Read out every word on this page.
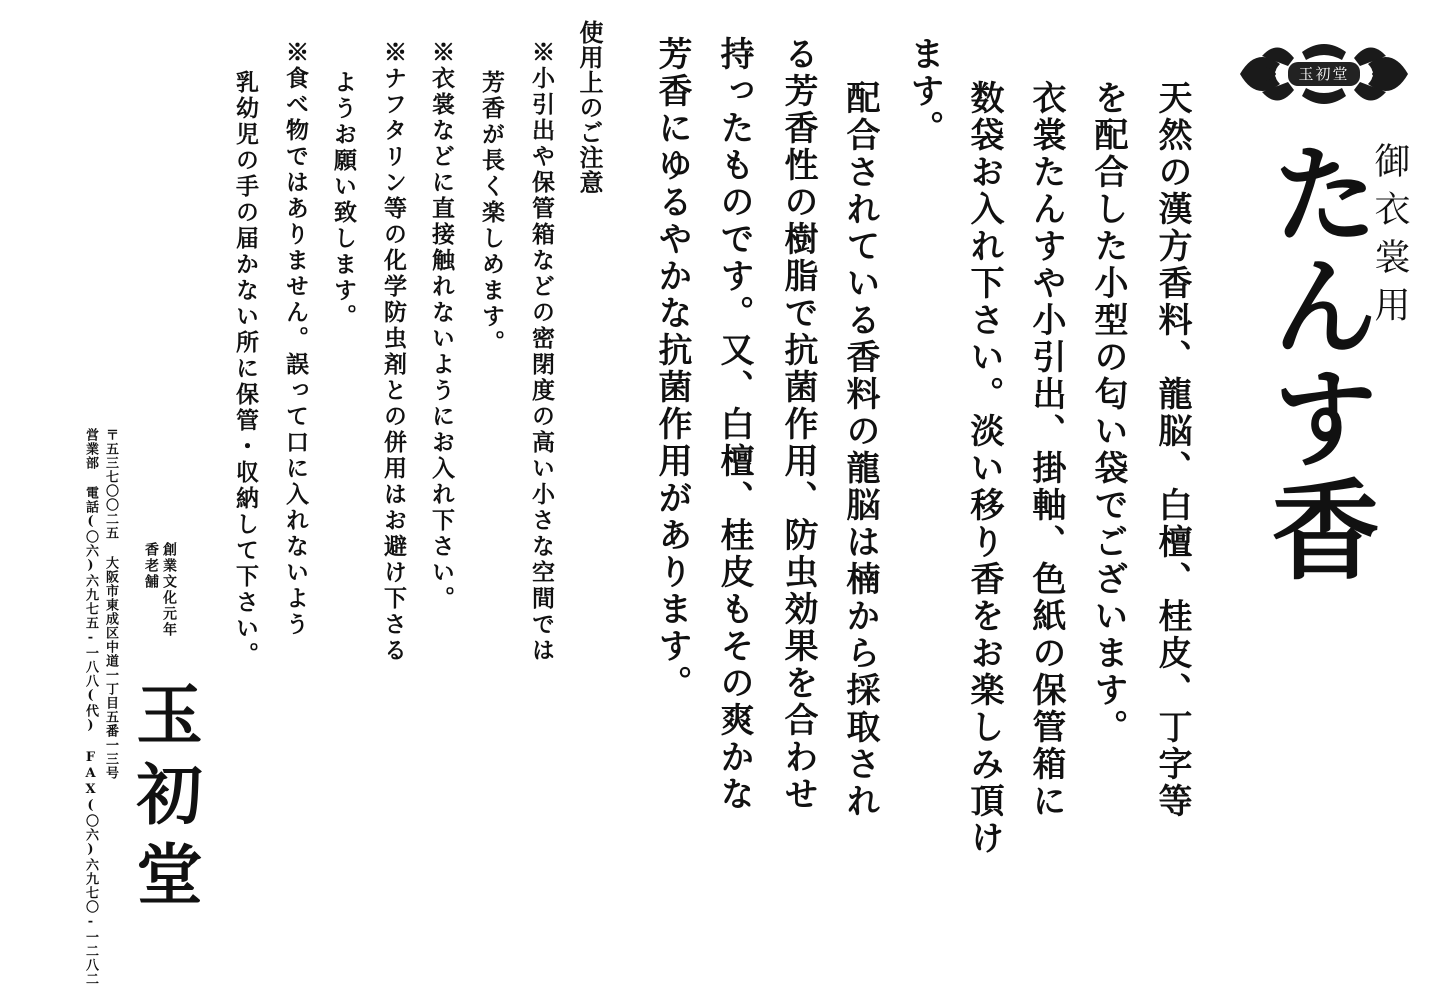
玉初堂

御衣裳用

たんす香

天然の漢方香料、龍脳、白檀、桂皮、丁字等

を配合した小型の匂い袋でございます。

衣裳たんすや小引出、掛軸、色紙の保管箱に

数袋お入れ下さい。淡い移り香をお楽しみ頂け

ます。

配合されている香料の龍脳は楠から採取され

る芳香性の樹脂で抗菌作用、防虫効果を合わせ

持ったものです。又、白檀、桂皮もその爽かな

芳香にゆるやかな抗菌作用があります。

使用上のご注意

※小引出や保管箱などの密閉度の高い小さな空間では

芳香が長く楽しめます。

※衣裳などに直接触れないようにお入れ下さい。

※ナフタリン等の化学防虫剤との併用はお避け下さる

ようお願い致します。

※食べ物ではありません。誤って口に入れないよう

乳幼児の手の届かない所に保管・収納して下さい。

創業文化元年

香老舗

〒五三七〇〇二五 大阪市東成区中道一丁目五番一三号

営業部 電話(〇六)六九七五-一八八(代) FAX(〇六)六九七〇-一二八二 玉初堂
